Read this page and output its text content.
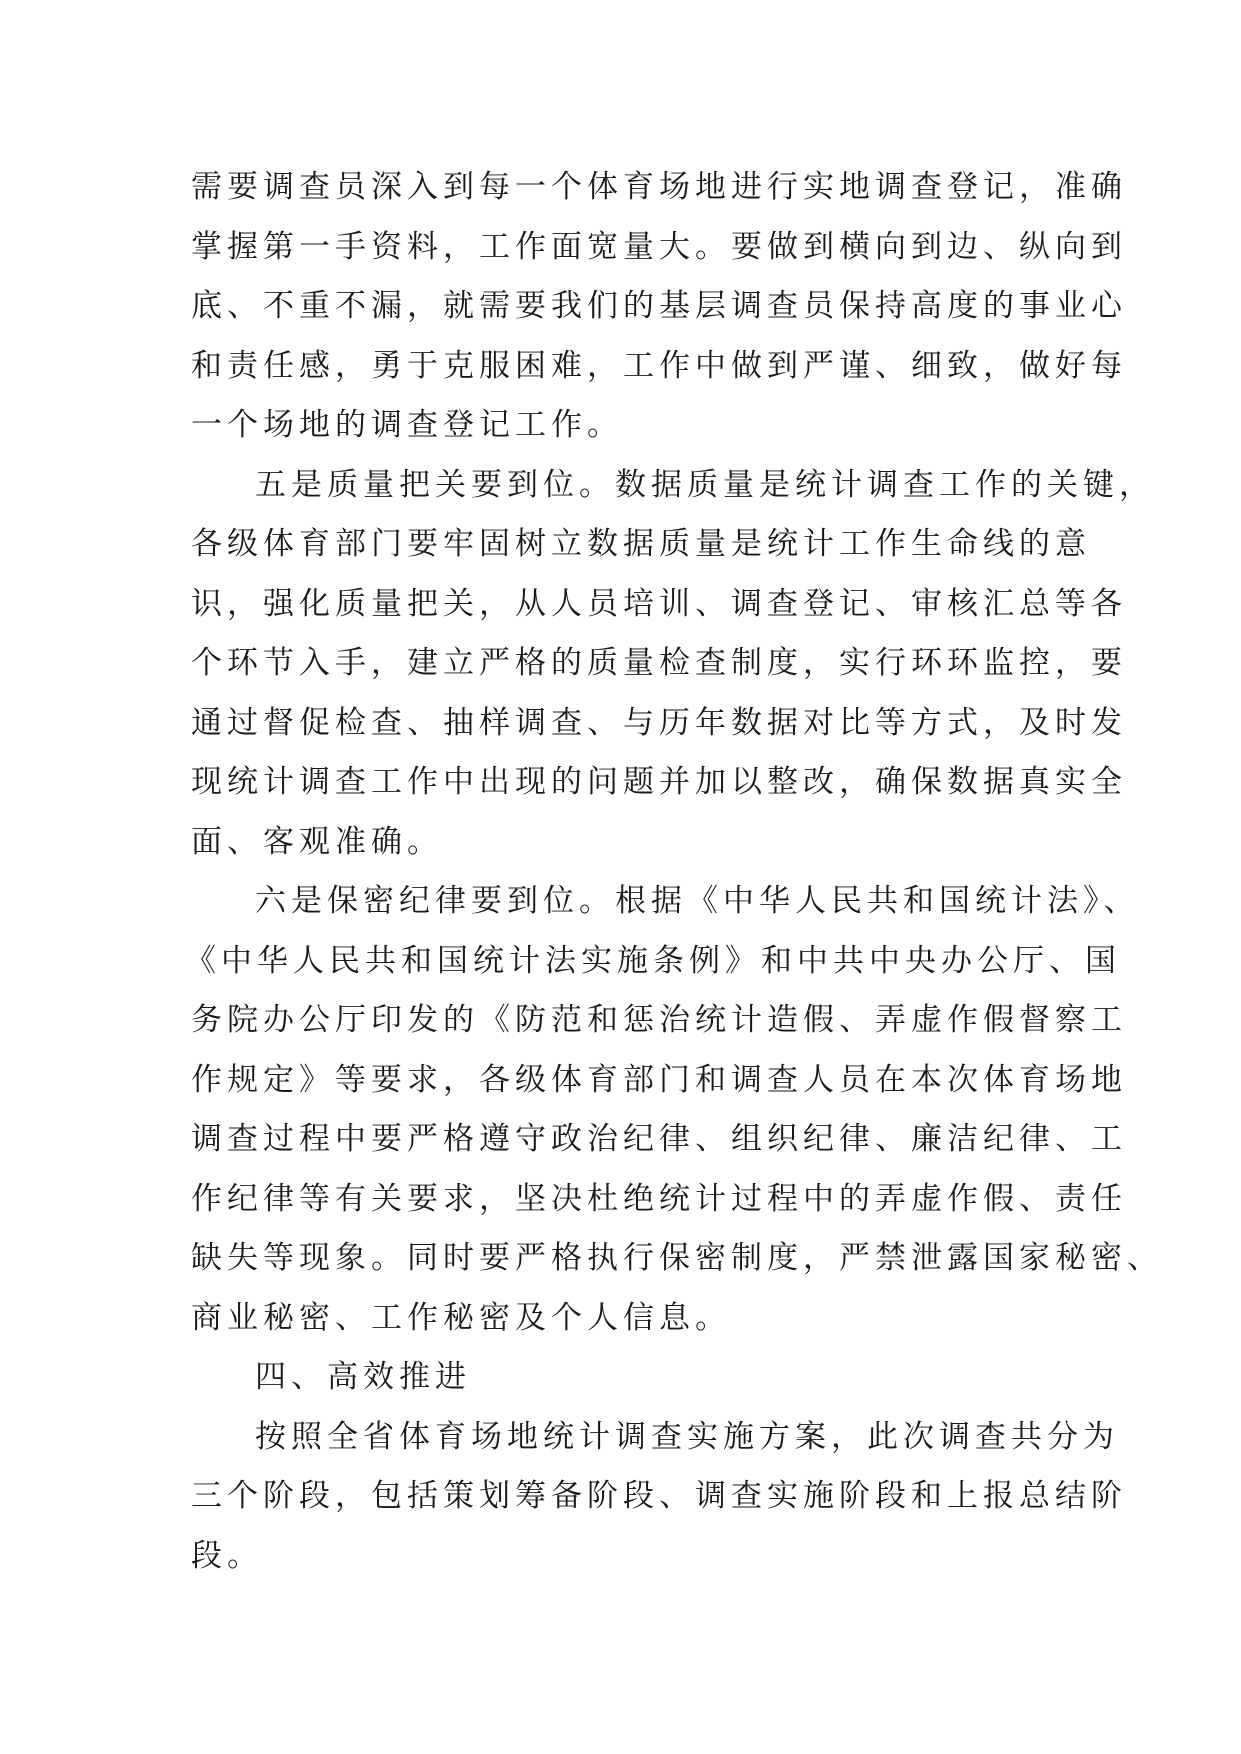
需要调查员深入到每一个体育场地进行实地调查登记，准确
掌握第一手资料，工作面宽量大。要做到横向到边、纵向到
底、不重不漏，就需要我们的基层调查员保持高度的事业心
和责任感，勇于克服困难，工作中做到严谨、细致，做好每
一个场地的调查登记工作。
五是质量把关要到位。数据质量是统计调查工作的关键，
各级体育部门要牢固树立数据质量是统计工作生命线的意
识，强化质量把关，从人员培训、调查登记、审核汇总等各
个环节入手，建立严格的质量检查制度，实行环环监控，要
通过督促检查、抽样调查、与历年数据对比等方式，及时发
现统计调查工作中出现的问题并加以整改，确保数据真实全
面、客观准确。
六是保密纪律要到位。根据《中华人民共和国统计法》、
《中华人民共和国统计法实施条例》和中共中央办公厅、国
务院办公厅印发的《防范和惩治统计造假、弄虚作假督察工
作规定》等要求，各级体育部门和调查人员在本次体育场地
调查过程中要严格遵守政治纪律、组织纪律、廉洁纪律、工
作纪律等有关要求，坚决杜绝统计过程中的弄虚作假、责任
缺失等现象。同时要严格执行保密制度，严禁泄露国家秘密、
商业秘密、工作秘密及个人信息。
四、高效推进
按照全省体育场地统计调查实施方案，此次调查共分为
三个阶段，包括策划筹备阶段、调查实施阶段和上报总结阶
段。
